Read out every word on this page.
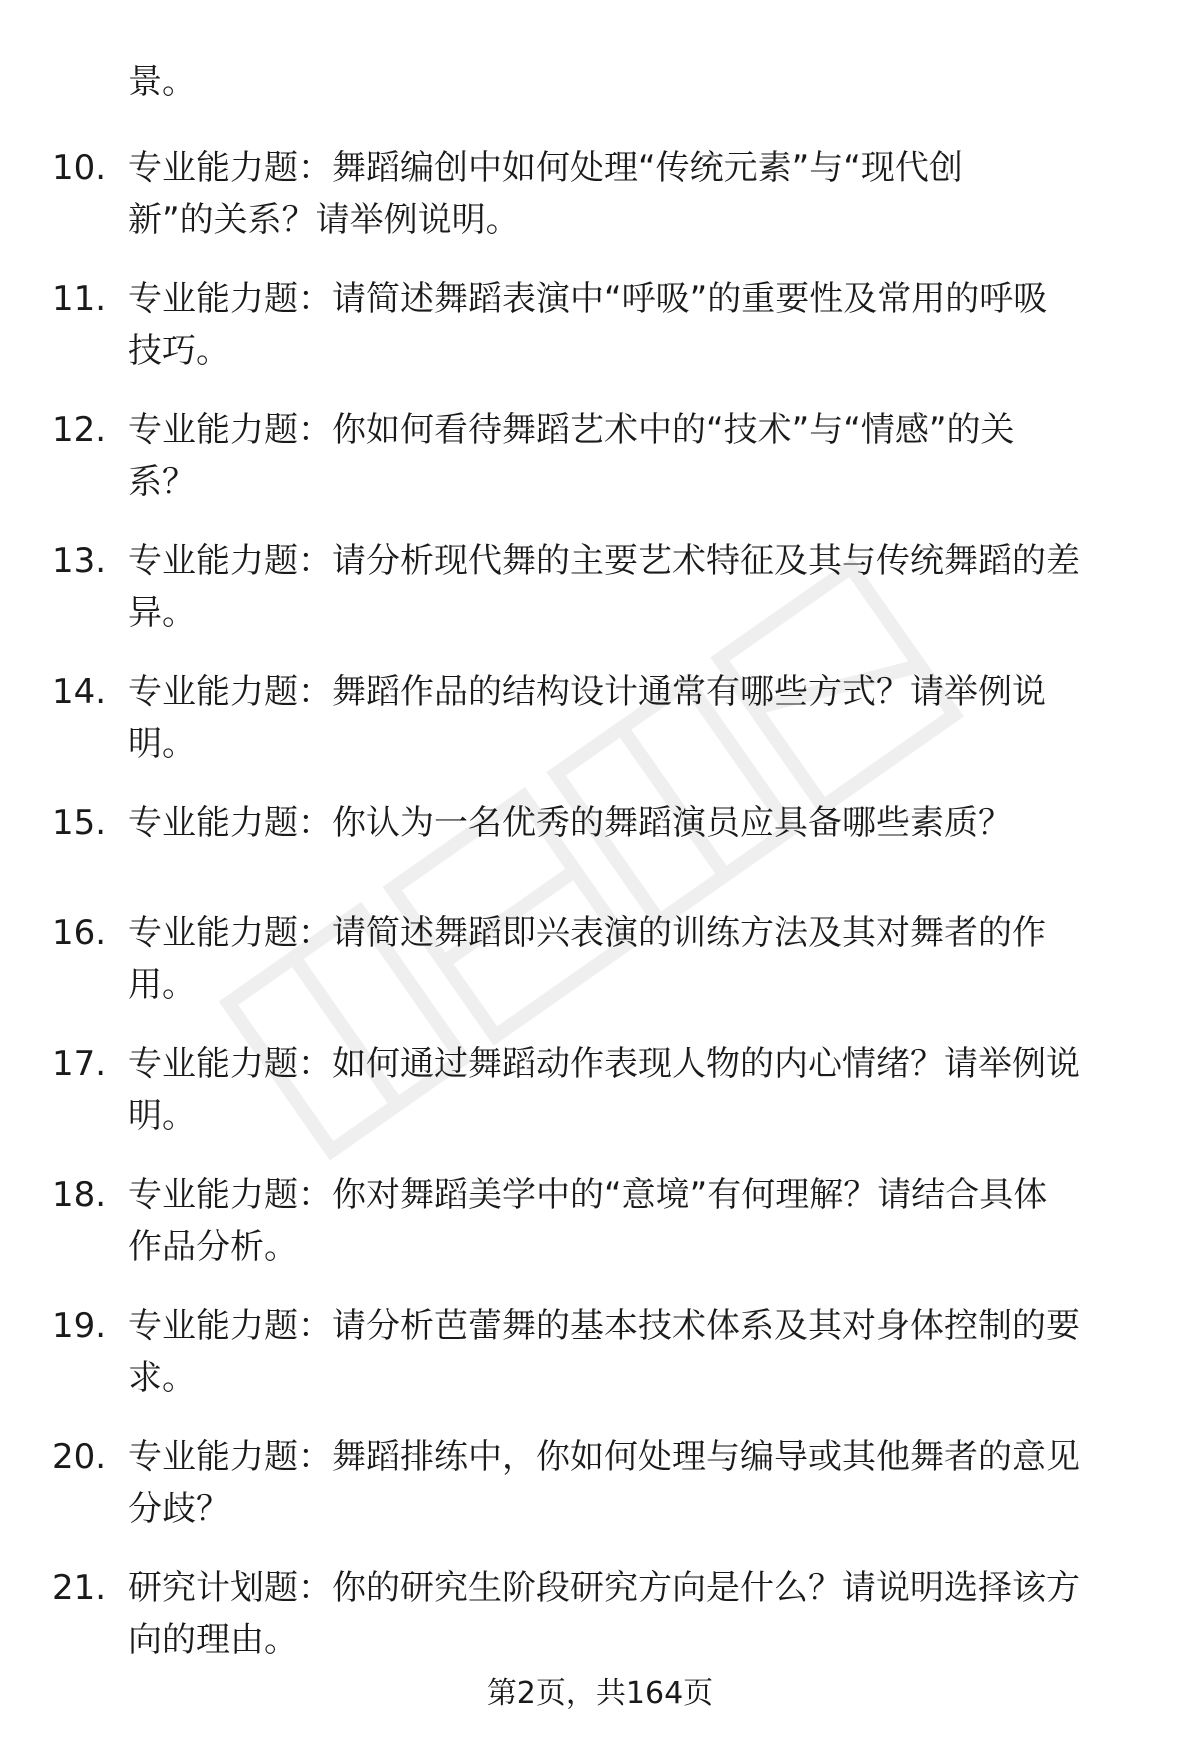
景。
10. 专业能力题：舞蹈编创中如何处理“传统元素”与“现代创
新”的关系？请举例说明。
11. 专业能力题：请简述舞蹈表演中“呼吸”的重要性及常用的呼吸
技巧。
12. 专业能力题：你如何看待舞蹈艺术中的“技术”与“情感”的关
系？
13. 专业能力题：请分析现代舞的主要艺术特征及其与传统舞蹈的差
异。
14. 专业能力题：舞蹈作品的结构设计通常有哪些方式？请举例说
明。
15. 专业能力题：你认为一名优秀的舞蹈演员应具备哪些素质？
16. 专业能力题：请简述舞蹈即兴表演的训练方法及其对舞者的作
用。
17. 专业能力题：如何通过舞蹈动作表现人物的内心情绪？请举例说
明。
18. 专业能力题：你对舞蹈美学中的“意境”有何理解？请结合具体
作品分析。
19. 专业能力题：请分析芭蕾舞的基本技术体系及其对身体控制的要
求。
20. 专业能力题：舞蹈排练中，你如何处理与编导或其他舞者的意见
分歧？
21. 研究计划题：你的研究生阶段研究方向是什么？请说明选择该方
向的理由。
第2页，共164页
